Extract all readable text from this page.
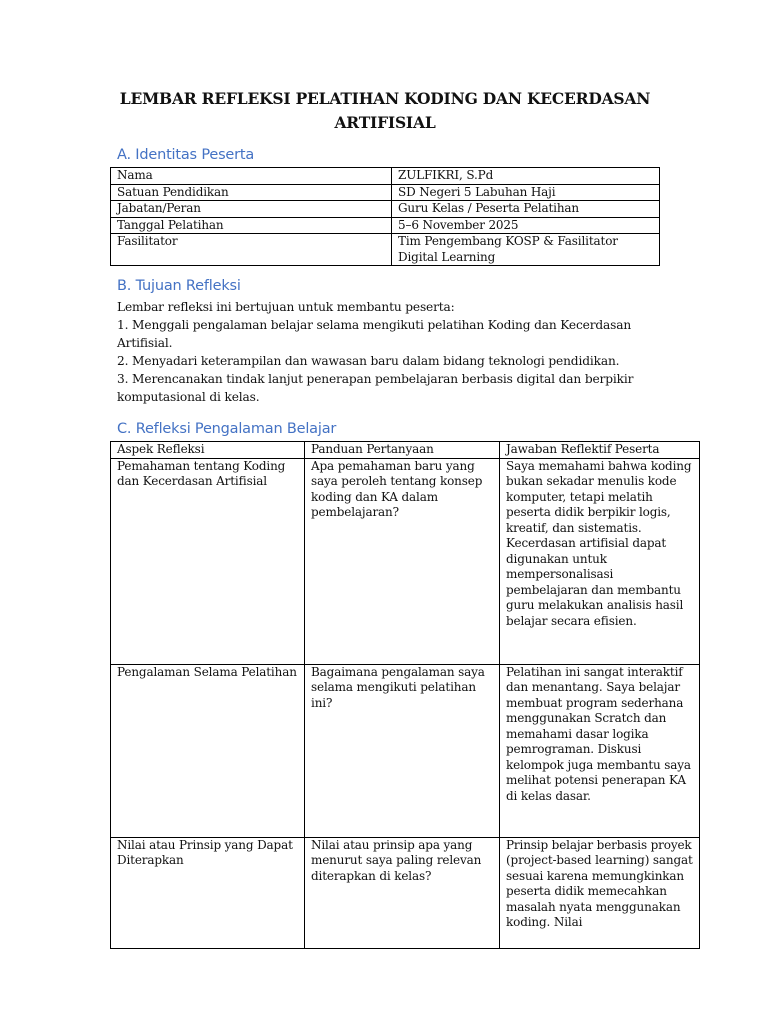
LEMBAR REFLEKSI PELATIHAN KODING DAN KECERDASAN ARTIFISIAL
A. Identitas Peserta
Nama	ZULFIKRI, S.Pd
Satuan Pendidikan	SD Negeri 5 Labuhan Haji
Jabatan/Peran	Guru Kelas / Peserta Pelatihan
Tanggal Pelatihan	5–6 November 2025
Fasilitator	Tim Pengembang KOSP & Fasilitator Digital Learning
B. Tujuan Refleksi

Lembar refleksi ini bertujuan untuk membantu peserta:

1. Menggali pengalaman belajar selama mengikuti pelatihan Koding dan Kecerdasan Artifisial.

2. Menyadari keterampilan dan wawasan baru dalam bidang teknologi pendidikan.

3. Merencanakan tindak lanjut penerapan pembelajaran berbasis digital dan berpikir komputasional di kelas.

C. Refleksi Pengalaman Belajar
Aspek Refleksi	Panduan Pertanyaan	Jawaban Reflektif Peserta
Pemahaman tentang Koding dan Kecerdasan Artifisial	Apa pemahaman baru yang saya peroleh tentang konsep koding dan KA dalam pembelajaran?	Saya memahami bahwa koding bukan sekadar menulis kode komputer, tetapi melatih peserta didik berpikir logis, kreatif, dan sistematis. Kecerdasan artifisial dapat digunakan untuk mempersonalisasi pembelajaran dan membantu guru melakukan analisis hasil belajar secara efisien.
Pengalaman Selama Pelatihan	Bagaimana pengalaman saya selama mengikuti pelatihan ini?	Pelatihan ini sangat interaktif dan menantang. Saya belajar membuat program sederhana menggunakan Scratch dan memahami dasar logika pemrograman. Diskusi kelompok juga membantu saya melihat potensi penerapan KA di kelas dasar.
Nilai atau Prinsip yang Dapat Diterapkan	Nilai atau prinsip apa yang menurut saya paling relevan diterapkan di kelas?	Prinsip belajar berbasis proyek (project-based learning) sangat sesuai karena memungkinkan peserta didik memecahkan masalah nyata menggunakan koding. Nilai
